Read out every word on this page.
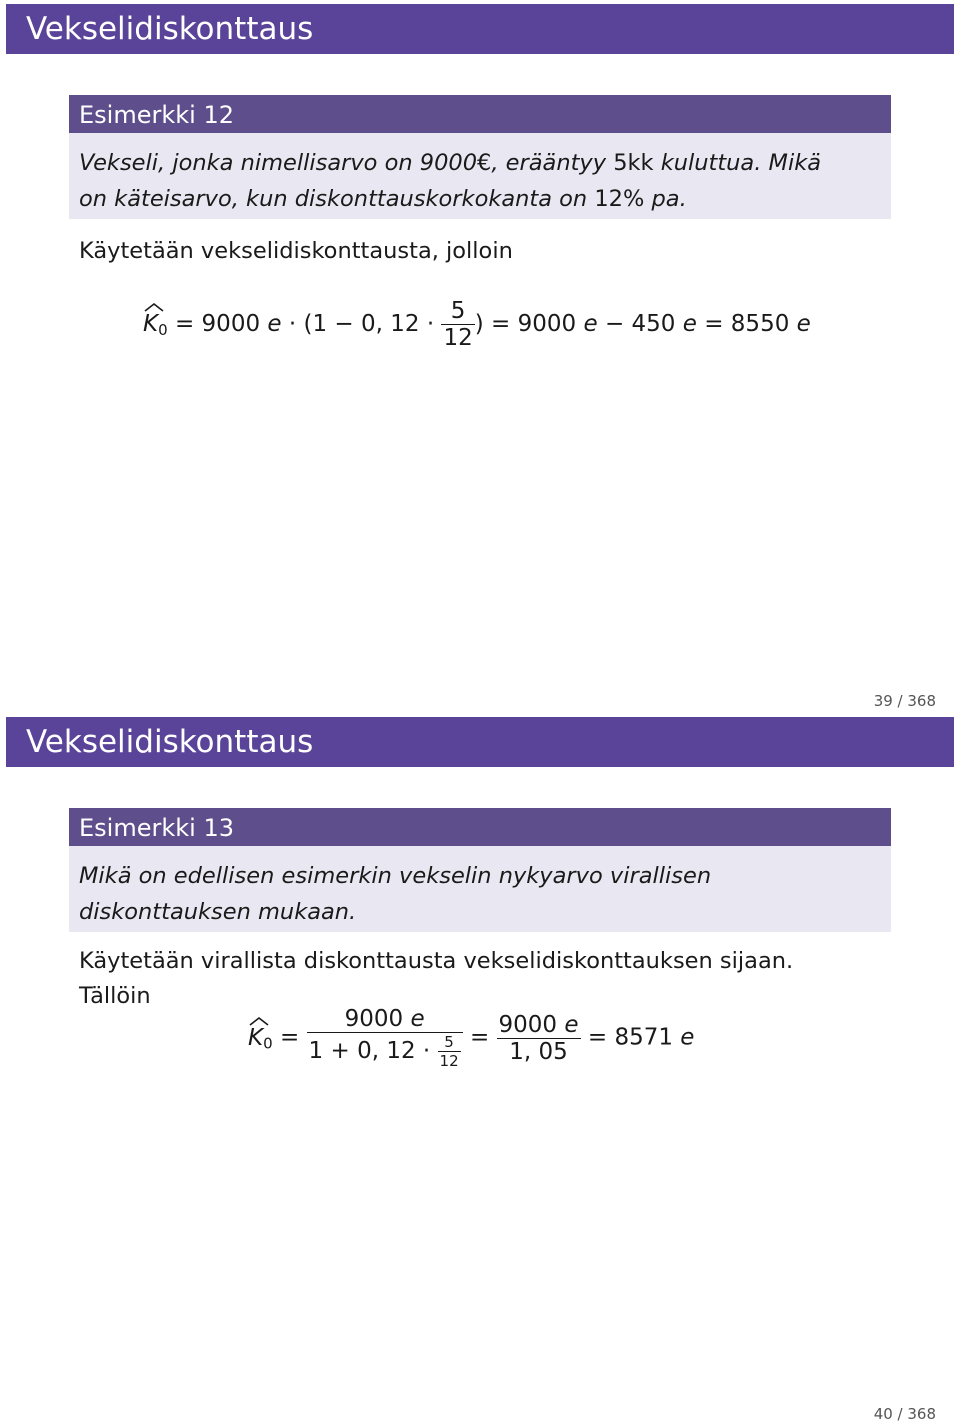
Vekselidiskonttaus
Esimerkki 12
Vekseli, jonka nimellisarvo on 9000€, erääntyy 5kk kuluttua. Mikä
on käteisarvo, kun diskonttauskorkokanta on 12% pa.
Käytetään vekselidiskonttausta, jolloin
$K_0 = 9000$ e · (1 − 0, $12 \cdot \frac{5}{12}$ ) = 9000 e − 450 e = 8550 e
39 / 368
Vekselidiskonttaus
Esimerkki 13
Mikä on edellisen esimerkin vekselin nykyarvo virallisen
diskonttauksen mukaan.
Käytetään virallista diskonttausta vekselidiskonttauksen sijaan.
Tällöin
$K_0 = \frac{9000 e}{1 + 0, 12 \cdot \frac{5}{12}} = \frac{9000 e}{1, 05} = 8571$ e
40 / 368
